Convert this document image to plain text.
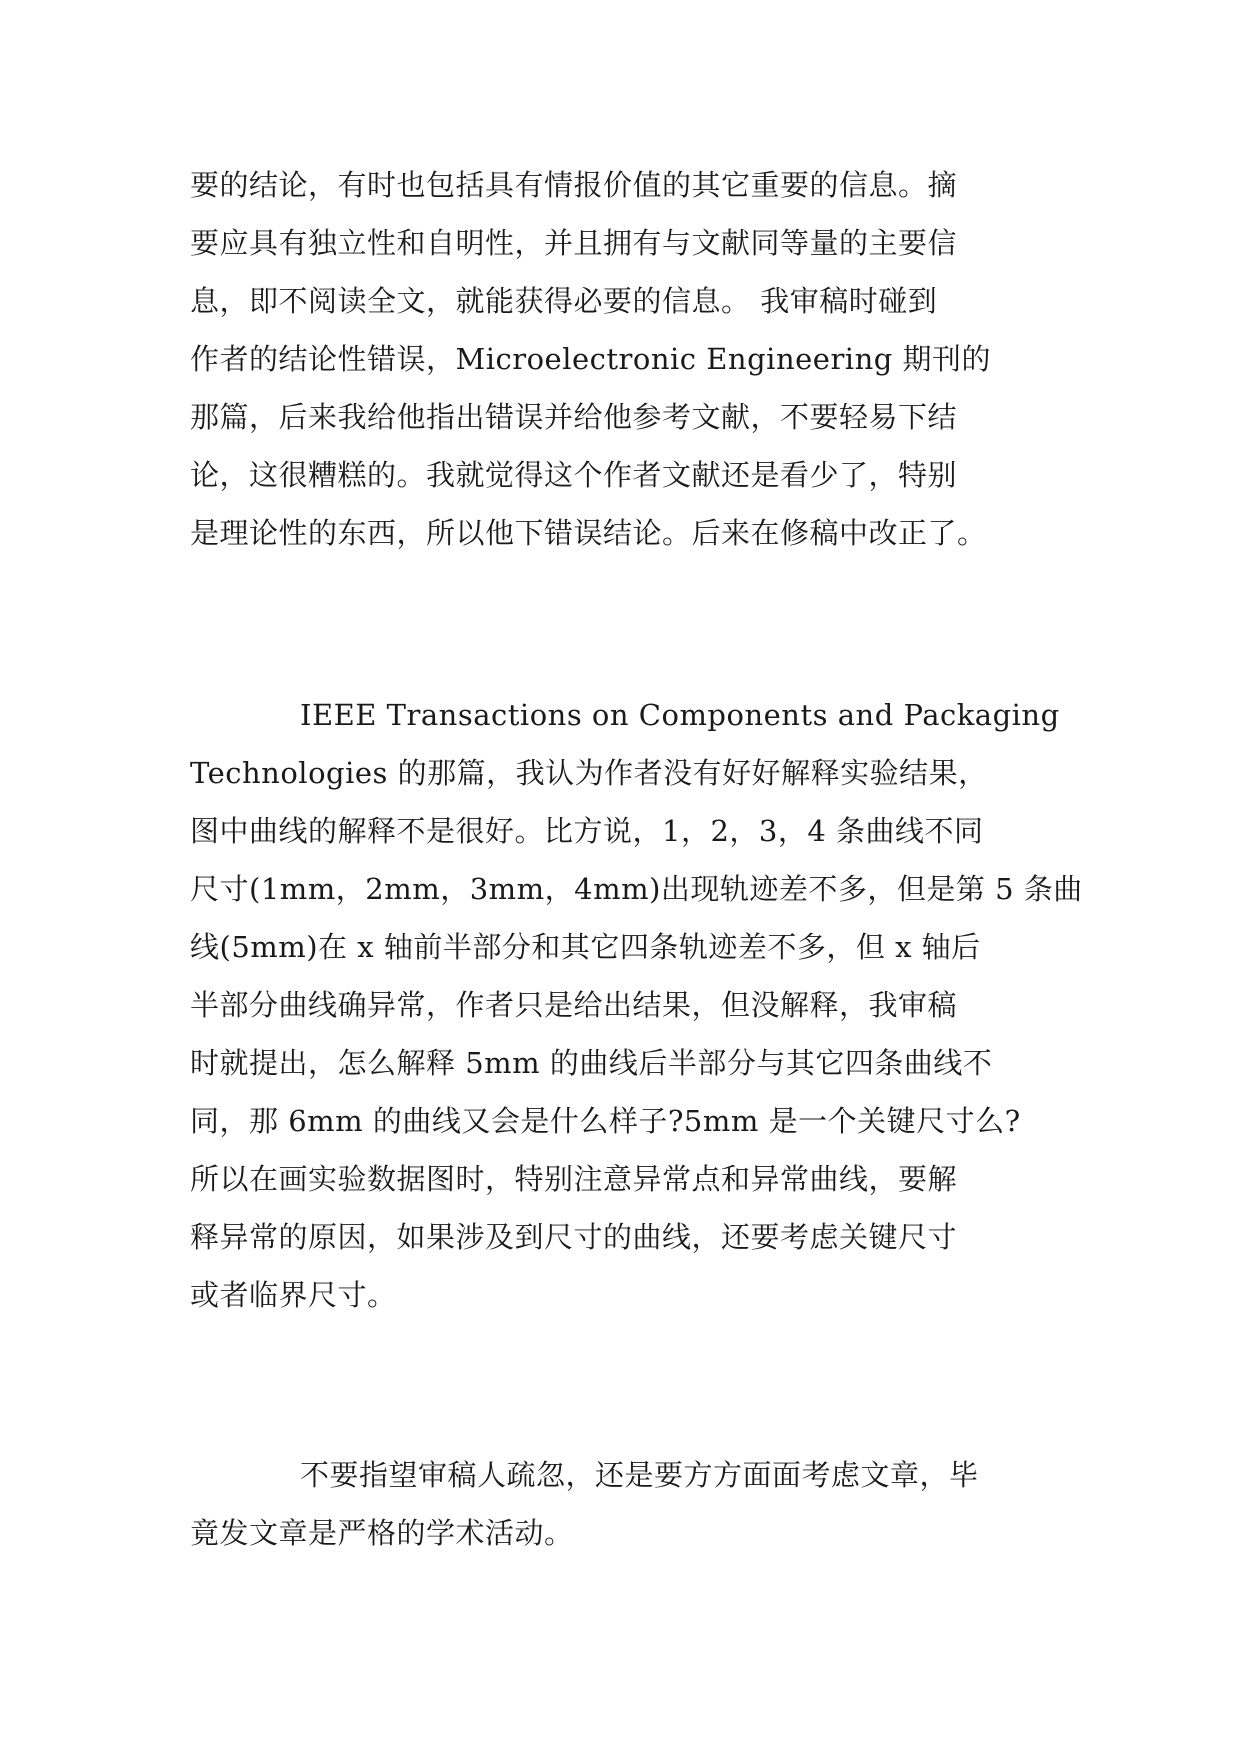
要的结论，有时也包括具有情报价值的其它重要的信息。摘
要应具有独立性和自明性，并且拥有与文献同等量的主要信
息，即不阅读全文，就能获得必要的信息。 我审稿时碰到
作者的结论性错误，Microelectronic Engineering 期刊的
那篇，后来我给他指出错误并给他参考文献，不要轻易下结
论，这很糟糕的。我就觉得这个作者文献还是看少了，特别
是理论性的东西，所以他下错误结论。后来在修稿中改正了。
IEEE Transactions on Components and Packaging
Technologies 的那篇，我认为作者没有好好解释实验结果，
图中曲线的解释不是很好。比方说，1，2，3，4 条曲线不同
尺寸(1mm，2mm，3mm，4mm)出现轨迹差不多，但是第 5 条曲
线(5mm)在 x 轴前半部分和其它四条轨迹差不多，但 x 轴后
半部分曲线确异常，作者只是给出结果，但没解释，我审稿
时就提出，怎么解释 5mm 的曲线后半部分与其它四条曲线不
同，那 6mm 的曲线又会是什么样子?5mm 是一个关键尺寸么?
所以在画实验数据图时，特别注意异常点和异常曲线，要解
释异常的原因，如果涉及到尺寸的曲线，还要考虑关键尺寸
或者临界尺寸。
不要指望审稿人疏忽，还是要方方面面考虑文章，毕
竟发文章是严格的学术活动。
